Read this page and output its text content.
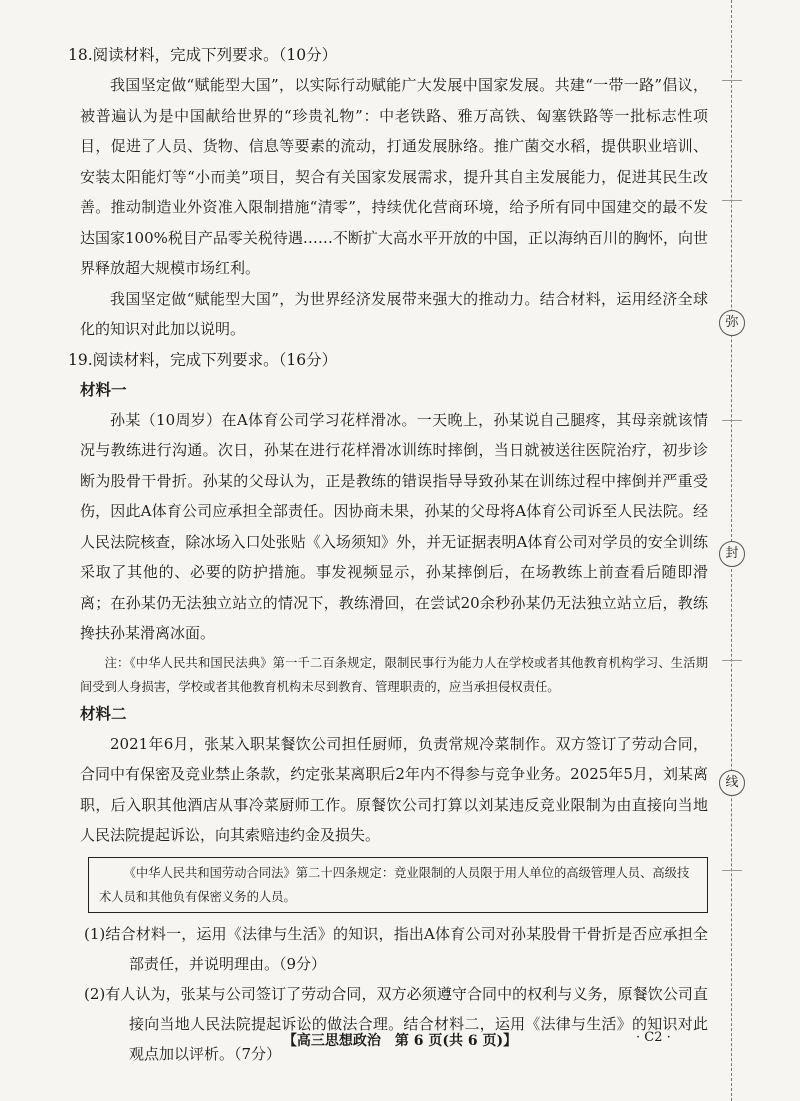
弥
封
线

18.阅读材料，完成下列要求。（10分）

我国坚定做“赋能型大国”，以实际行动赋能广大发展中国家发展。共建“一带一路”倡议，被普遍认为是中国献给世界的“珍贵礼物”：中老铁路、雅万高铁、匈塞铁路等一批标志性项目，促进了人员、货物、信息等要素的流动，打通发展脉络。推广菌交水稻，提供职业培训、安装太阳能灯等“小而美”项目，契合有关国家发展需求，提升其自主发展能力，促进其民生改善。推动制造业外资准入限制措施“清零”，持续优化营商环境，给予所有同中国建交的最不发达国家100%税目产品零关税待遇……不断扩大高水平开放的中国，正以海纳百川的胸怀，向世界释放超大规模市场红利。

我国坚定做“赋能型大国”，为世界经济发展带来强大的推动力。结合材料，运用经济全球化的知识对此加以说明。

19.阅读材料，完成下列要求。（16分）

材料一

孙某（10周岁）在A体育公司学习花样滑冰。一天晚上，孙某说自己腿疼，其母亲就该情况与教练进行沟通。次日，孙某在进行花样滑冰训练时摔倒，当日就被送往医院治疗，初步诊断为股骨干骨折。孙某的父母认为，正是教练的错误指导导致孙某在训练过程中摔倒并严重受伤，因此A体育公司应承担全部责任。因协商未果，孙某的父母将A体育公司诉至人民法院。经人民法院核查，除冰场入口处张贴《入场须知》外，并无证据表明A体育公司对学员的安全训练采取了其他的、必要的防护措施。事发视频显示，孙某摔倒后，在场教练上前查看后随即滑离；在孙某仍无法独立站立的情况下，教练滑回，在尝试20余秒孙某仍无法独立站立后，教练搀扶孙某滑离冰面。

注：《中华人民共和国民法典》第一千二百条规定，限制民事行为能力人在学校或者其他教育机构学习、生活期间受到人身损害，学校或者其他教育机构未尽到教育、管理职责的，应当承担侵权责任。

材料二

2021年6月，张某入职某餐饮公司担任厨师，负责常规冷菜制作。双方签订了劳动合同，合同中有保密及竞业禁止条款，约定张某离职后2年内不得参与竞争业务。2025年5月，刘某离职，后入职其他酒店从事冷菜厨师工作。原餐饮公司打算以刘某违反竞业限制为由直接向当地人民法院提起诉讼，向其索赔违约金及损失。

《中华人民共和国劳动合同法》第二十四条规定：竞业限制的人员限于用人单位的高级管理人员、高级技术人员和其他负有保密义务的人员。

(1)结合材料一，运用《法律与生活》的知识，指出A体育公司对孙某股骨干骨折是否应承担全部责任，并说明理由。（9分）

(2)有人认为，张某与公司签订了劳动合同，双方必须遵守合同中的权利与义务，原餐饮公司直接向当地人民法院提起诉讼的做法合理。结合材料二，运用《法律与生活》的知识对此观点加以评析。（7分）

【高三思想政治　第 6 页(共 6 页)】	· C2 ·
